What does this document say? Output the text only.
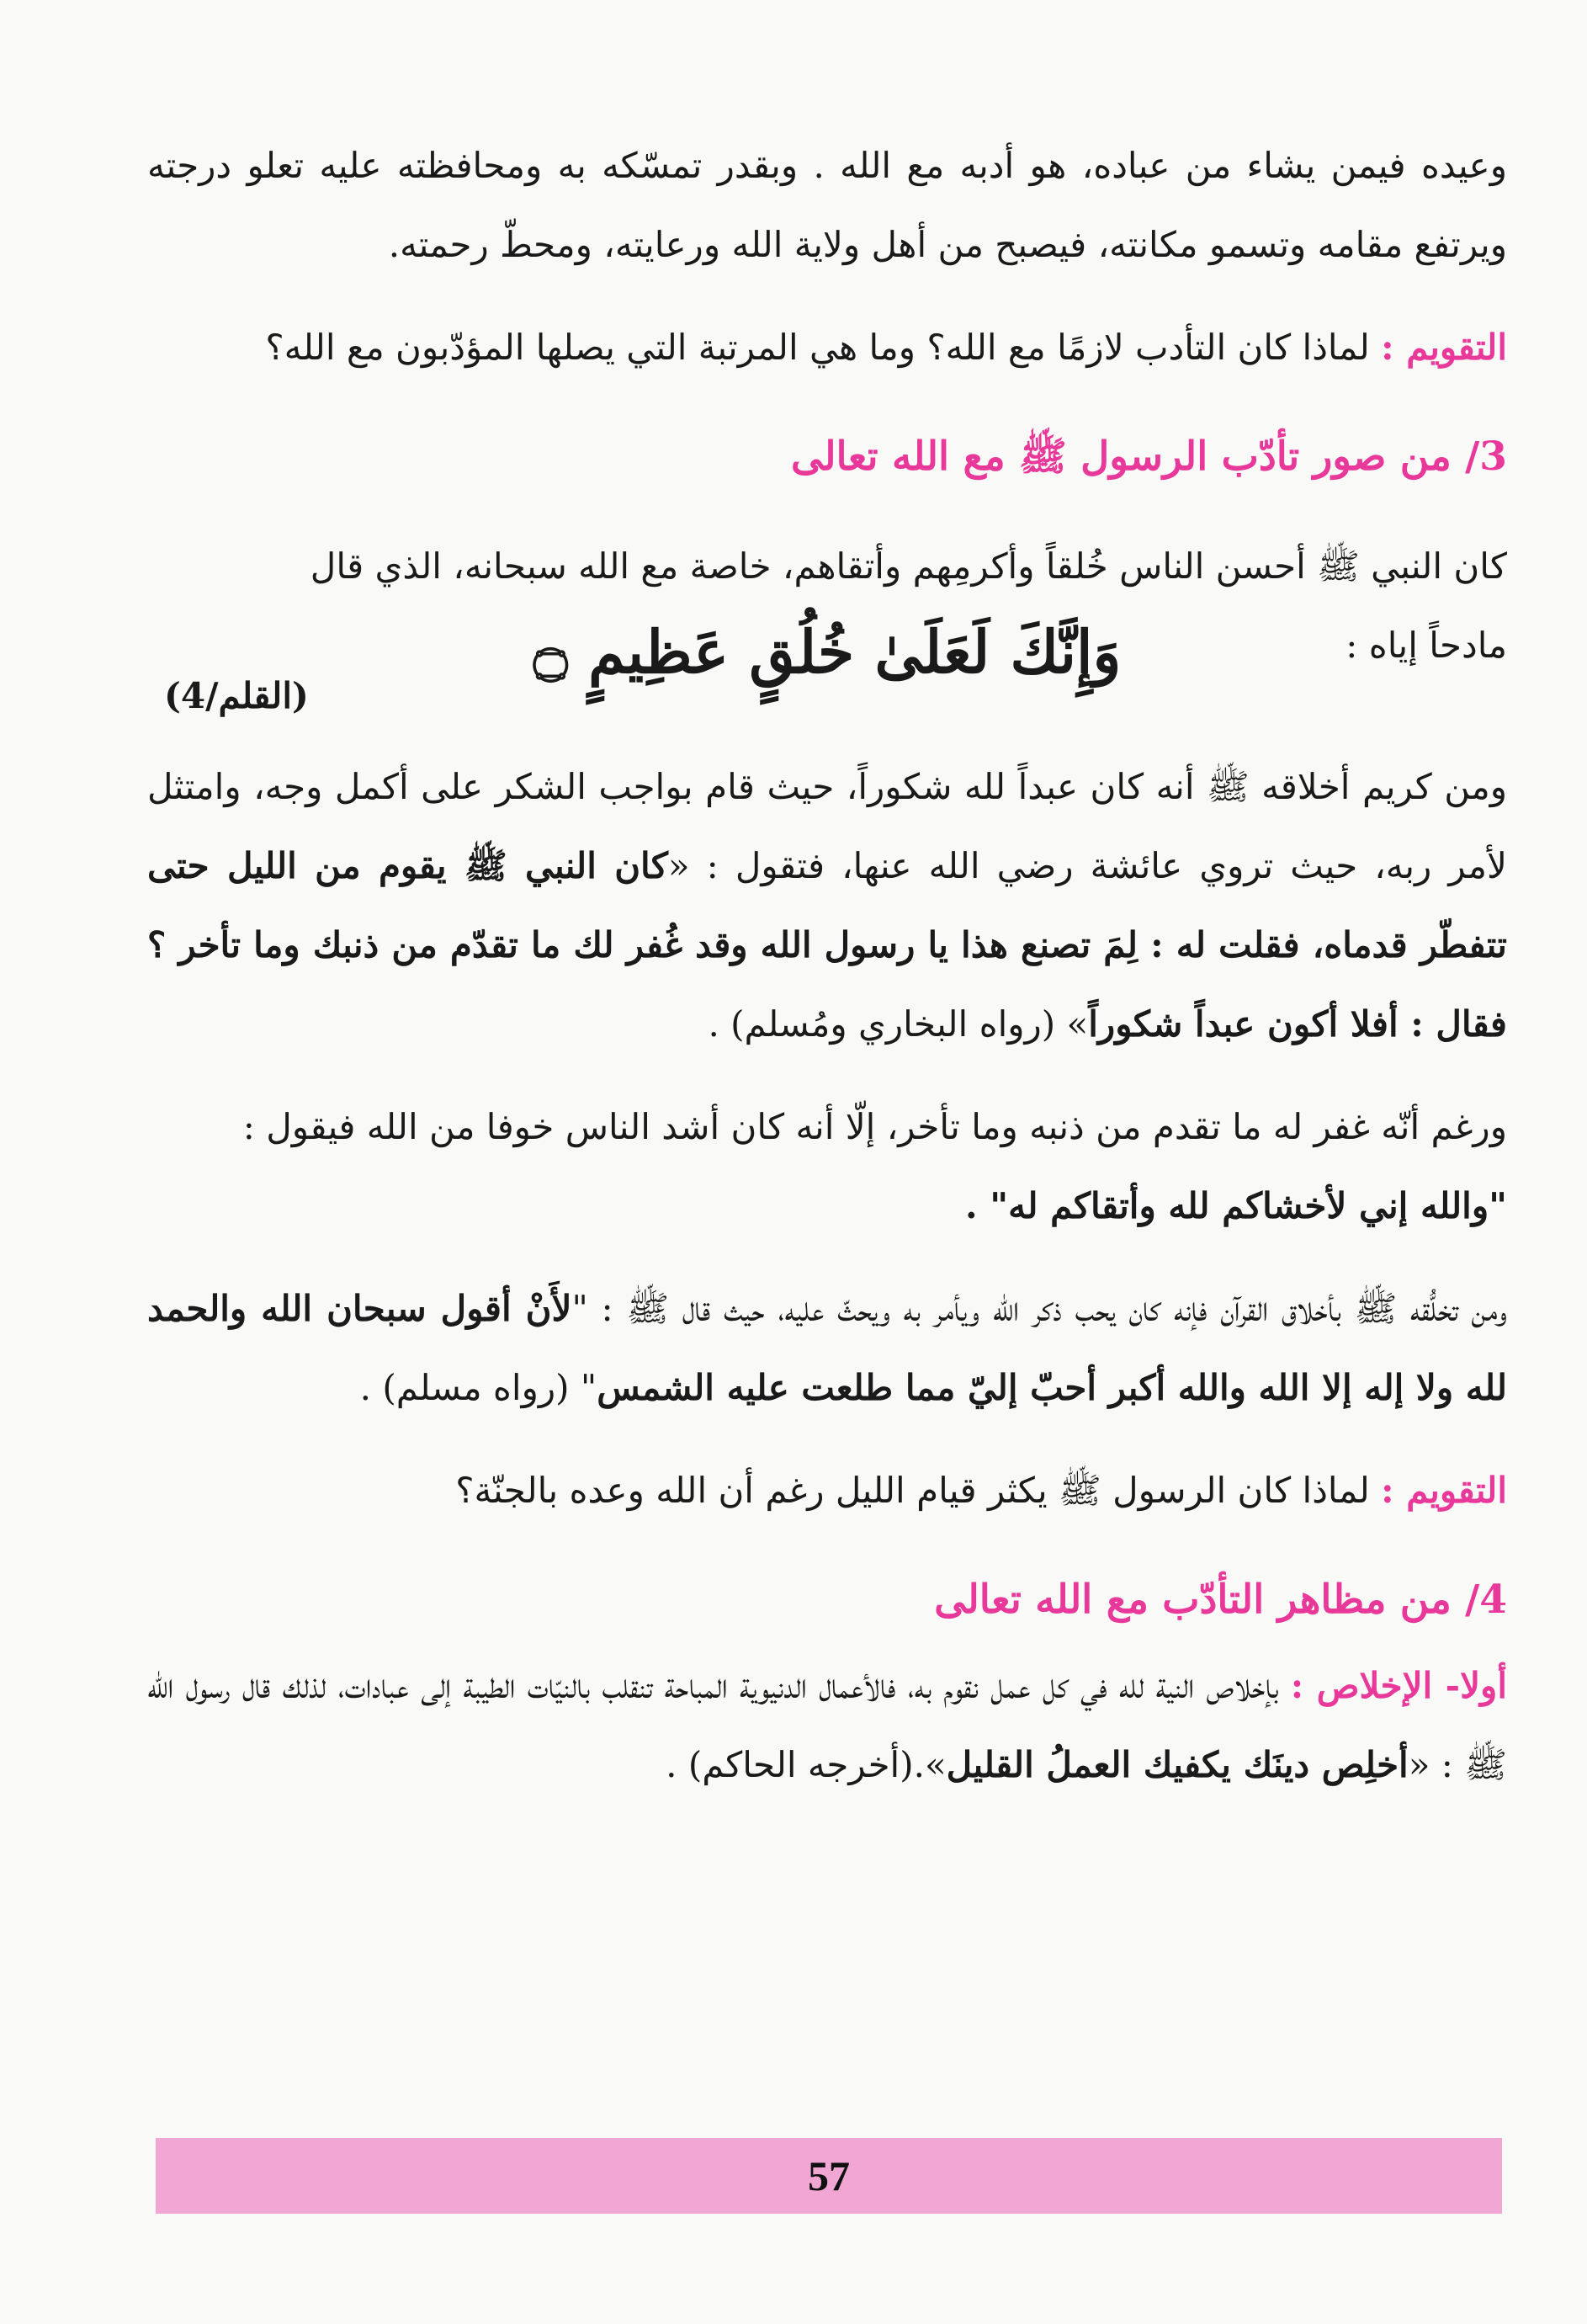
وعيده فيمن يشاء من عباده، هو أدبه مع الله . وبقدر تمسّكه به ومحافظته عليه تعلو درجته ويرتفع مقامه وتسمو مكانته، فيصبح من أهل ولاية الله ورعايته، ومحطّ رحمته.

التقويم : لماذا كان التأدب لازمًا مع الله؟ وما هي المرتبة التي يصلها المؤدّبون مع الله؟

3/ من صور تأدّب الرسول ﷺ مع الله تعالى

كان النبي ﷺ أحسن الناس خُلقاً وأكرمِهم وأتقاهم، خاصة مع الله سبحانه، الذي قال

مادحاً إياه :
وَإِنَّكَ لَعَلَىٰ خُلُقٍ عَظِيمٍ ۝
(القلم/4)

ومن كريم أخلاقه ﷺ أنه كان عبداً لله شكوراً، حيث قام بواجب الشكر على أكمل وجه، وامتثل لأمر ربه، حيث تروي عائشة رضي الله عنها، فتقول : «كان النبي ﷺ يقوم من الليل حتى تتفطّر قدماه، فقلت له : لِمَ تصنع هذا يا رسول الله وقد غُفر لك ما تقدّم من ذنبك وما تأخر ؟ فقال : أفلا أكون عبداً شكوراً» (رواه البخاري ومُسلم) .

ورغم أنّه غفر له ما تقدم من ذنبه وما تأخر، إلّا أنه كان أشد الناس خوفا من الله فيقول :
"والله إني لأخشاكم لله وأتقاكم له" .

ومن تخلُّقه ﷺ بأخلاق القرآن فإنه كان يحب ذكر الله ويأمر به ويحثّ عليه، حيث قال ﷺ : "لأَنْ أقول سبحان الله والحمد لله ولا إله إلا الله والله أكبر أحبّ إليّ مما طلعت عليه الشمس" (رواه مسلم) .

التقويم : لماذا كان الرسول ﷺ يكثر قيام الليل رغم أن الله وعده بالجنّة؟

4/ من مظاهر التأدّب مع الله تعالى

أولا- الإخلاص : بإخلاص النية لله في كل عمل نقوم به، فالأعمال الدنيوية المباحة تنقلب بالنيّات الطيبة إلى عبادات، لذلك قال رسول الله ﷺ : «أخلِص دينَك يكفيك العملُ القليل».(أخرجه الحاكم) .

57
